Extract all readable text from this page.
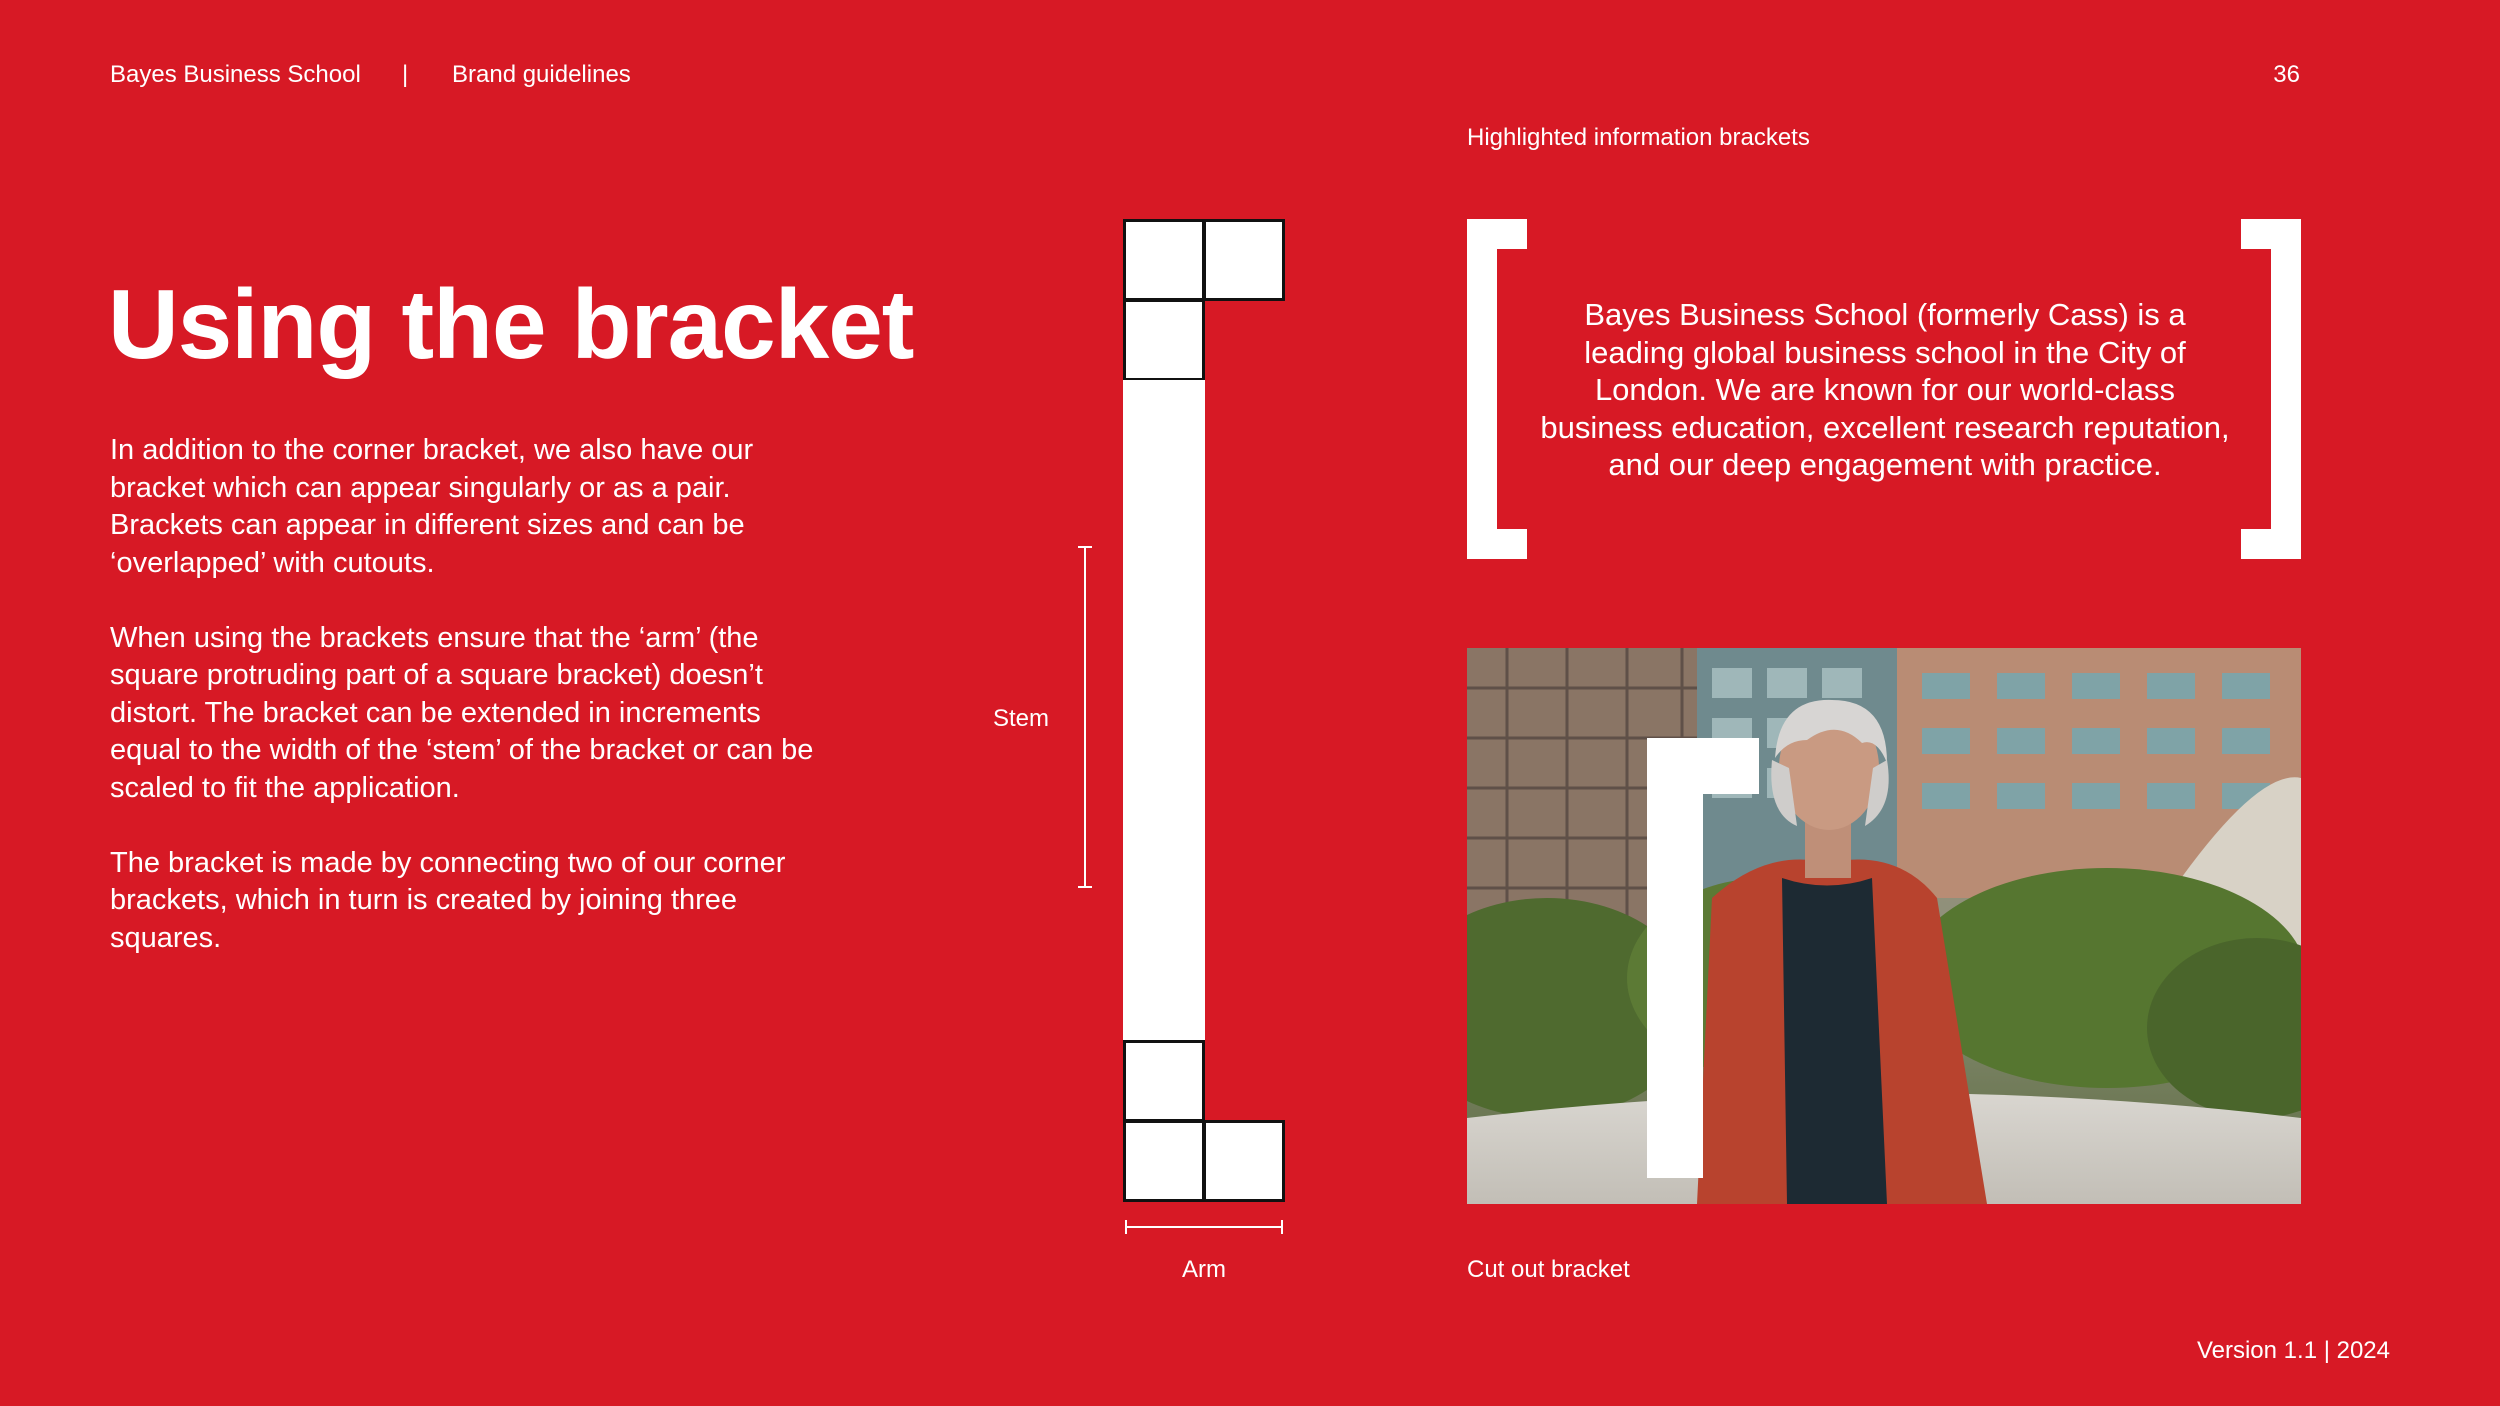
Bayes Business School | Brand guidelines	36
Using the bracket

In addition to the corner bracket, we also have our bracket which can appear singularly or as a pair. Brackets can appear in different sizes and can be ‘overlapped’ with cutouts.

When using the brackets ensure that the ‘arm’ (the square protruding part of a square bracket) doesn’t distort. The bracket can be extended in increments equal to the width of the ‘stem’ of the bracket or can be scaled to fit the application.

The bracket is made by connecting two of our corner brackets, which in turn is created by joining three squares.

Stem
Arm
Highlighted information brackets
Bayes Business School (formerly Cass) is a leading global business school in the City of London. We are known for our world-class business education, excellent research reputation, and our deep engagement with practice.
Cut out bracket
Version 1.1 | 2024
